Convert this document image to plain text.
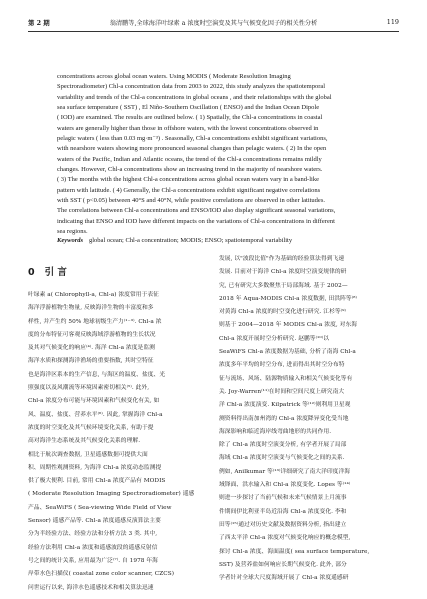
第 2 期	翁清鹏等,全球海洋叶绿素 a 浓度时空演变及其与气候变化因子的相关性分析	119

concentrations across global ocean waters. Using MODIS ( Moderate Resolution Imaging

Spectroradiometer) Chl-a concentration data from 2003 to 2022, this study analyzes the spatiotemporal

variability and trends of the Chl-a concentrations in global oceans , and their relationships with the global

sea surface temperature ( SST) , El Niño-Southern Oscillation ( ENSO) and the Indian Ocean Dipole

( IOD) are examined. The results are outlined below. ( 1) Spatially, the Chl-a concentrations in coastal

waters are generally higher than those in offshore waters, with the lowest concentrations observed in

pelagic waters ( less than 0.03 mg·m⁻³) . Seasonally, Chl-a concentrations exhibit significant variations,

with nearshore waters showing more pronounced seasonal changes than pelagic waters. ( 2) In the open

waters of the Pacific, Indian and Atlantic oceans, the trend of the Chl-a concentrations remains mildly

changes. However, Chl-a concentrations show an increasing trend in the majority of nearshore waters.

( 3) The months with the highest Chl-a concentrations across global ocean waters vary in a band-like

pattern with latitude. ( 4) Generally, the Chl-a concentrations exhibit significant negative correlations

with SST ( p<0.05) between 40°S and 40°N, while positive correlations are observed in other latitudes.

The correlations between Chl-a concentrations and ENSO/IOD also display significant seasonal variations,

indicating that ENSO and IOD have different impacts on the variations of Chl-a concentrations in different

sea regions.

Keywords global ocean; Chl-a concentration; MODIS; ENSO; spatiotemporal variability
0 引 言

叶绿素 a( Chlorophyll-a, Chl-a) 浓度常用于表征

海洋浮游植物生物量, 反映海洋生物的丰富度和多

样性, 并产生约 50% 地球初级生产力⁽¹⁻³⁾. Chl-a 浓

度的分布特征可客观反映海域浮游植物的生长状况

及其对气候变化的响应⁽⁴⁾. 海洋 Chl-a 浓度是监测

海洋水质和探测海洋渔场的重要指数, 其时空特征

也是海洋区系本的生产信息, 与海区的温度、盐度、光

照强度以及风潮流等环境因素密切相关⁽⁵⁾. 此外,

Chl-a 浓度分布可能与环境因素和气候变化有关, 如

风、温度、盐度、营养水平⁽⁶⁾. 因此, 掌握海洋 Chl-a

浓度的时空变化及其气候环境变化关系, 有助于提

高对海洋生态系统及其气候变化关系的理解.

相比于航次调查数据, 卫星遥感数据可提供大面

积、周期性观测资料, 为海洋 Chl-a 浓度动态监测提

供了极大便利. 目前, 常用 Chl-a 浓度产品有 MODIS

( Moderate Resolution Imaging Spectroradiometer) 遥感

产品、SeaWiFS ( Sea-viewing Wide Field of View

Sensor) 遥感产品等. Chl-a 浓度遥感反演算法主要

分为半经验方法、经验方法和分析方法 3 类. 其中,

经验方法利用 Chl-a 浓度和遥感波段的遥感反射信

号之间的统计关系, 应用最为广泛⁽⁷⁾. 自 1978 年海

岸带水色扫描仪( coastal zone color scanner, CZCS)

问世运行以来, 海洋水色遥感技术和相关算法迅速

发展, 以"波段比值"作为基础的经验算法得到飞速

发展. 目前对于海洋 Chl-a 浓度时空演变规律的研

究, 已有研究大多数聚焦于局部海域. 基于 2002—

2018 年 Aqua-MODIS Chl-a 浓度数据, 田洪阵等⁽⁸⁾

对黄海 Chl-a 浓度的时空变化进行研究. 江杉等⁽⁹⁾

则基于 2004—2018 年 MODIS Chl-a 浓度, 对东海

Chl-a 浓度开展时空分析研究. 赵鹏等⁽¹⁰⁾以

SeaWiFS Chl-a 浓度数据为基础, 分析了南海 Chl-a

浓度多年平均的时空分布, 进而得出其时空分布特

征与流场、风场、陆源物质输入和相关气候变化等有

关. Joy-Warren⁽¹¹⁾在时间和空间尺度上研究南大

洋 Chl-a 浓度演变. Kilpatrick 等⁽¹²⁾则利用卫星观

测资料得出南加州湾的 Chl-a 浓度降异变化受当地

海深影响和临近海岸线弯曲地形的共同作用.

除了 Chl-a 浓度时空演变分析, 有学者开展了局部

海域 Chl-a 浓度时空演变与气候变化之间的关系.

例如, Anilkumar 等⁽¹³⁾详细研究了南大洋印度洋海

域锋面、洪水输入和 Chl-a 浓度变化. Lopes 等⁽¹⁴⁾

则进一步探讨了当前气候和未来气候情景上月流事

件期间伊比利亚半岛近沿海 Chl-a 浓度变化. 李和

田等⁽¹⁵⁾通过对历史文献及数据资料分析, 指出建立

了西太平洋 Chl-a 浓度对气候变化响应的概念模型,

探讨 Chl-a 浓度、海面温度( sea surface temperature,

SST) 及营养盐如何响应长期气候变化. 此外, 部分

学者针对全球大尺度海域开展了 Chl-a 浓度遥感研
